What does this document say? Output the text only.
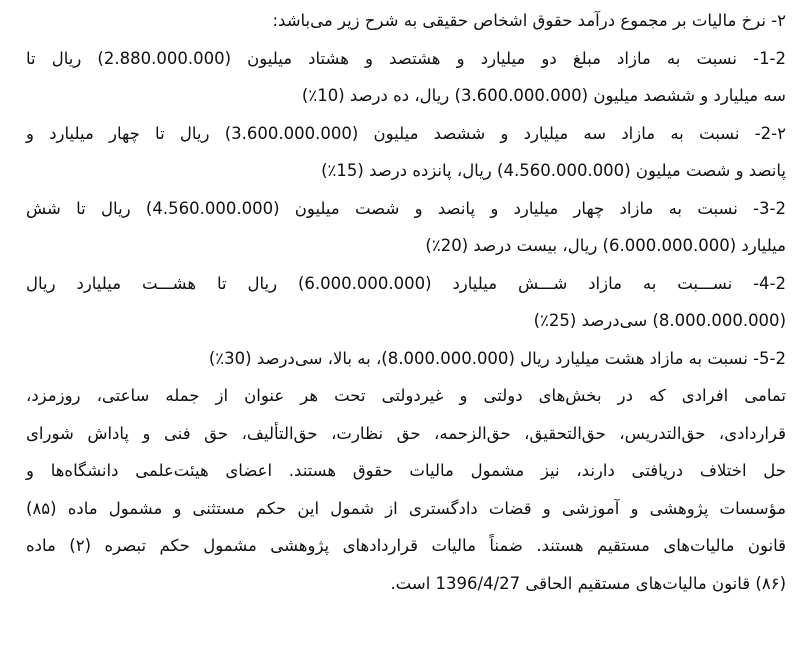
۲- نرخ مالیات بر مجموع درآمد حقوق اشخاص حقیقی به شرح زیر می‌باشد:
1-2- نسبت به مازاد مبلغ دو میلیارد و هشتصد و هشتاد میلیون (2.880.000.000) ریال تا
سه میلیارد و ششصد میلیون (3.600.000.000) ریال، ده درصد (10٪)
2-۲- نسبت به مازاد سه میلیارد و ششصد میلیون (3.600.000.000) ریال تا چهار میلیارد و
پانصد و شصت میلیون (4.560.000.000) ریال، پانزده درصد (15٪)
3-2- نسبت به مازاد چهار میلیارد و پانصد و شصت میلیون (4.560.000.000) ریال تا شش
میلیارد (6.000.000.000) ریال، بیست درصد (20٪)
4-2- نســـبت به مازاد شـــش میلیارد (6.000.000.000) ریال تا هشـــت میلیارد ریال
(8.000.000.000) سی‌درصد (25٪)
5-2- نسبت به مازاد هشت میلیارد ریال (8.000.000.000)، به بالا، سی‌درصد (30٪)
تمامی افرادی که در بخش‌های دولتی و غیردولتی تحت هر عنوان از جمله ساعتی، روزمزد،
قراردادی، حق‌التدریس، حق‌التحقیق، حق‌الزحمه، حق نظارت، حق‌التألیف، حق فنی و پاداش شورای
حل اختلاف دریافتی دارند، نیز مشمول مالیات حقوق هستند. اعضای هیئت‌علمی دانشگاه‌ها و
مؤسسات پژوهشی و آموزشی و قضات دادگستری از شمول این حکم مستثنی و مشمول ماده (۸۵)
قانون مالیات‌های مستقیم هستند. ضمناً مالیات قراردادهای پژوهشی مشمول حکم تبصره (۲) ماده
(۸۶) قانون مالیات‌های مستقیم الحاقی 1396/4/27 است.
